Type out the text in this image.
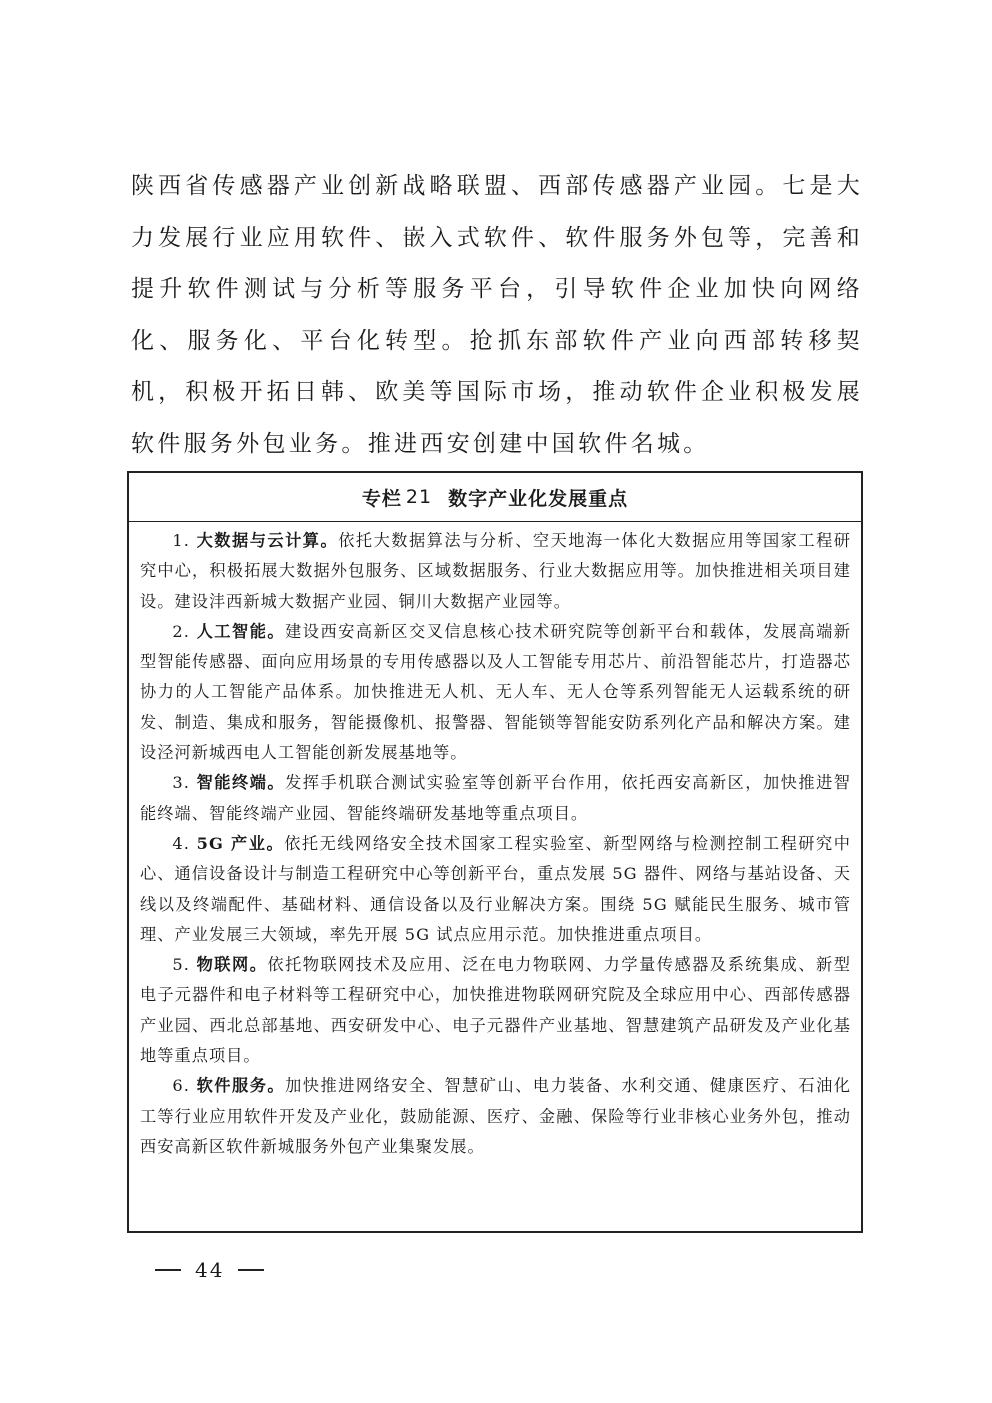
陕西省传感器产业创新战略联盟、西部传感器产业园。七是大力发展行业应用软件、嵌入式软件、软件服务外包等，完善和提升软件测试与分析等服务平台，引导软件企业加快向网络化、服务化、平台化转型。抢抓东部软件产业向西部转移契机，积极开拓日韩、欧美等国际市场，推动软件企业积极发展软件服务外包业务。推进西安创建中国软件名城。

专栏 21 数字产业化发展重点

1. 大数据与云计算。依托大数据算法与分析、空天地海一体化大数据应用等国家工程研究中心，积极拓展大数据外包服务、区域数据服务、行业大数据应用等。加快推进相关项目建设。建设沣西新城大数据产业园、铜川大数据产业园等。

2. 人工智能。建设西安高新区交叉信息核心技术研究院等创新平台和载体，发展高端新型智能传感器、面向应用场景的专用传感器以及人工智能专用芯片、前沿智能芯片，打造器芯协力的人工智能产品体系。加快推进无人机、无人车、无人仓等系列智能无人运载系统的研发、制造、集成和服务，智能摄像机、报警器、智能锁等智能安防系列化产品和解决方案。建设泾河新城西电人工智能创新发展基地等。

3. 智能终端。发挥手机联合测试实验室等创新平台作用，依托西安高新区，加快推进智能终端、智能终端产业园、智能终端研发基地等重点项目。

4. 5G 产业。依托无线网络安全技术国家工程实验室、新型网络与检测控制工程研究中心、通信设备设计与制造工程研究中心等创新平台，重点发展 5G 器件、网络与基站设备、天线以及终端配件、基础材料、通信设备以及行业解决方案。围绕 5G 赋能民生服务、城市管理、产业发展三大领域，率先开展 5G 试点应用示范。加快推进重点项目。

5. 物联网。依托物联网技术及应用、泛在电力物联网、力学量传感器及系统集成、新型电子元器件和电子材料等工程研究中心，加快推进物联网研究院及全球应用中心、西部传感器产业园、西北总部基地、西安研发中心、电子元器件产业基地、智慧建筑产品研发及产业化基地等重点项目。

6. 软件服务。加快推进网络安全、智慧矿山、电力装备、水利交通、健康医疗、石油化工等行业应用软件开发及产业化，鼓励能源、医疗、金融、保险等行业非核心业务外包，推动西安高新区软件新城服务外包产业集聚发展。

44
